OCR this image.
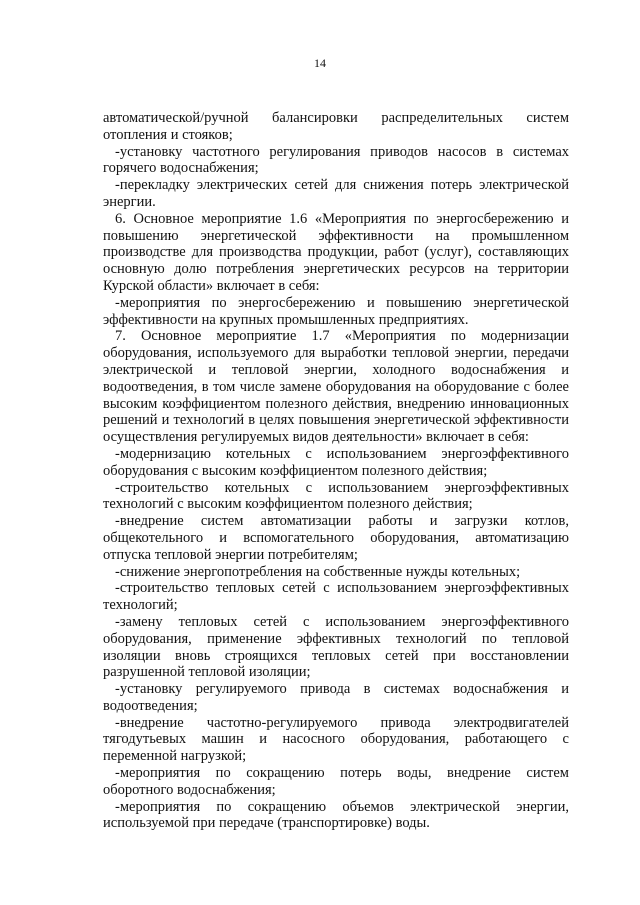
14

автоматической/ручной балансировки распределительных систем отопления и стояков;

-установку частотного регулирования приводов насосов в системах горячего водоснабжения;

-перекладку электрических сетей для снижения потерь электрической энергии.

6. Основное мероприятие 1.6 «Мероприятия по энергосбережению и повышению энергетической эффективности на промышленном производстве для производства продукции, работ (услуг), составляющих основную долю потребления энергетических ресурсов на территории Курской области» включает в себя:

-мероприятия по энергосбережению и повышению энергетической эффективности на крупных промышленных предприятиях.

7. Основное мероприятие 1.7 «Мероприятия по модернизации оборудования, используемого для выработки тепловой энергии, передачи электрической и тепловой энергии, холодного водоснабжения и водоотведения, в том числе замене оборудования на оборудование с более высоким коэффициентом полезного действия, внедрению инновационных решений и технологий в целях повышения энергетической эффективности осуществления регулируемых видов деятельности» включает в себя:

-модернизацию котельных с использованием энергоэффективного оборудования с высоким коэффициентом полезного действия;

-строительство котельных с использованием энергоэффективных технологий с высоким коэффициентом полезного действия;

-внедрение систем автоматизации работы и загрузки котлов, общекотельного и вспомогательного оборудования, автоматизацию отпуска тепловой энергии потребителям;

-снижение энергопотребления на собственные нужды котельных;

-строительство тепловых сетей с использованием энергоэффективных технологий;

-замену тепловых сетей с использованием энергоэффективного оборудования, применение эффективных технологий по тепловой изоляции вновь строящихся тепловых сетей при восстановлении разрушенной тепловой изоляции;

-установку регулируемого привода в системах водоснабжения и водоотведения;

-внедрение частотно-регулируемого привода электродвигателей тягодутьевых машин и насосного оборудования, работающего с переменной нагрузкой;

-мероприятия по сокращению потерь воды, внедрение систем оборотного водоснабжения;

-мероприятия по сокращению объемов электрической энергии, используемой при передаче (транспортировке) воды.
